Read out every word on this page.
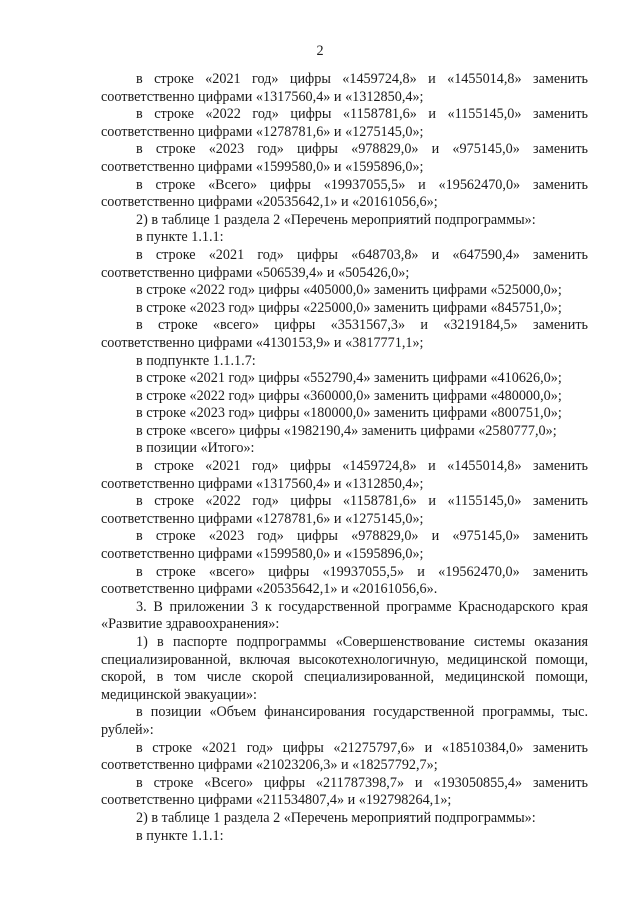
2

в строке «2021 год» цифры «1459724,8» и «1455014,8» заменить соответственно цифрами «1317560,4» и «1312850,4»;

в строке «2022 год» цифры «1158781,6» и «1155145,0» заменить соответственно цифрами «1278781,6» и «1275145,0»;

в строке «2023 год» цифры «978829,0» и «975145,0» заменить соответственно цифрами «1599580,0» и «1595896,0»;

в строке «Всего» цифры «19937055,5» и «19562470,0» заменить соответственно цифрами «20535642,1» и «20161056,6»;

2) в таблице 1 раздела 2 «Перечень мероприятий подпрограммы»:

в пункте 1.1.1:

в строке «2021 год» цифры «648703,8» и «647590,4» заменить соответственно цифрами «506539,4» и «505426,0»;

в строке «2022 год» цифры «405000,0» заменить цифрами «525000,0»;

в строке «2023 год» цифры «225000,0» заменить цифрами «845751,0»;

в строке «всего» цифры «3531567,3» и «3219184,5» заменить соответственно цифрами «4130153,9» и «3817771,1»;

в подпункте 1.1.1.7:

в строке «2021 год» цифры «552790,4» заменить цифрами «410626,0»;

в строке «2022 год» цифры «360000,0» заменить цифрами «480000,0»;

в строке «2023 год» цифры «180000,0» заменить цифрами «800751,0»;

в строке «всего» цифры «1982190,4» заменить цифрами «2580777,0»;

в позиции «Итого»:

в строке «2021 год» цифры «1459724,8» и «1455014,8» заменить соответственно цифрами «1317560,4» и «1312850,4»;

в строке «2022 год» цифры «1158781,6» и «1155145,0» заменить соответственно цифрами «1278781,6» и «1275145,0»;

в строке «2023 год» цифры «978829,0» и «975145,0» заменить соответственно цифрами «1599580,0» и «1595896,0»;

в строке «всего» цифры «19937055,5» и «19562470,0» заменить соответственно цифрами «20535642,1» и «20161056,6».

3. В приложении 3 к государственной программе Краснодарского края «Развитие здравоохранения»:

1) в паспорте подпрограммы «Совершенствование системы оказания специализированной, включая высокотехнологичную, медицинской помощи, скорой, в том числе скорой специализированной, медицинской помощи, медицинской эвакуации»:

в позиции «Объем финансирования государственной программы, тыс. рублей»:

в строке «2021 год» цифры «21275797,6» и «18510384,0» заменить соответственно цифрами «21023206,3» и «18257792,7»;

в строке «Всего» цифры «211787398,7» и «193050855,4» заменить соответственно цифрами «211534807,4» и «192798264,1»;

2) в таблице 1 раздела 2 «Перечень мероприятий подпрограммы»:

в пункте 1.1.1:
